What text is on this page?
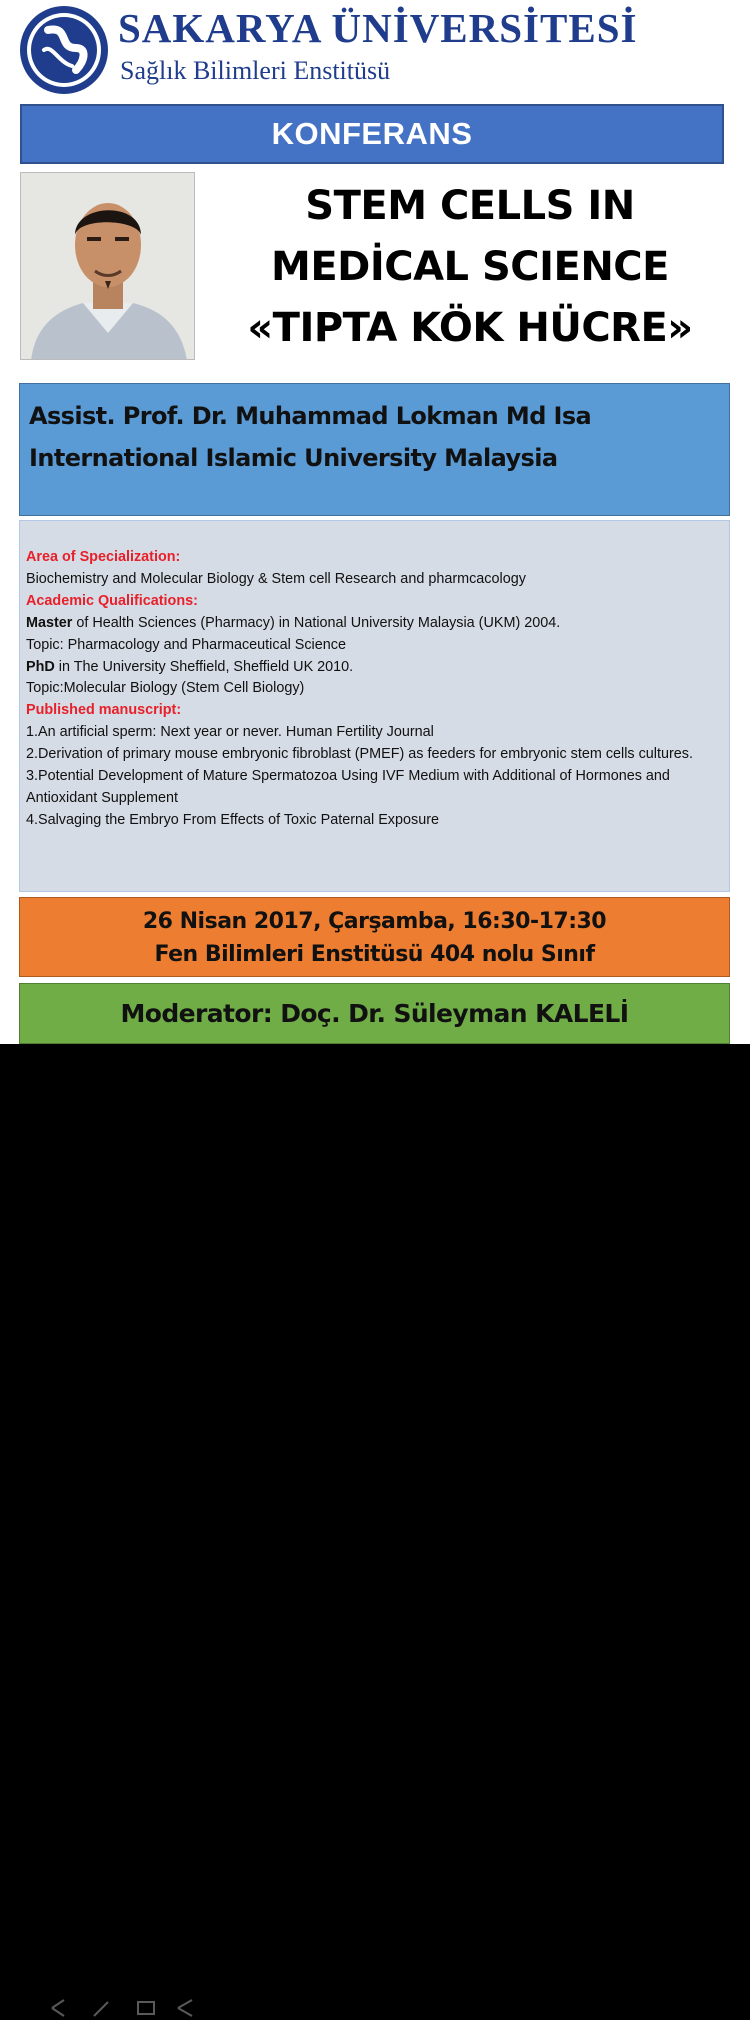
SAKARYA ÜNİVERSİTESİ
Sağlık Bilimleri Enstitüsü
KONFERANS
STEM CELLS IN
MEDİCAL SCIENCE
«TIPTA KÖK HÜCRE»
Assist. Prof. Dr. Muhammad Lokman Md Isa
International Islamic University Malaysia
Area of Specialization:
Biochemistry and Molecular Biology & Stem cell Research and pharmcacology
Academic Qualifications:
Master of Health Sciences (Pharmacy) in National University Malaysia (UKM) 2004.
Topic: Pharmacology and Pharmaceutical Science
PhD in The University Sheffield, Sheffield UK 2010.
Topic:Molecular Biology (Stem Cell Biology)
Published manuscript:
1.An artificial sperm: Next year or never. Human Fertility Journal
2.Derivation of primary mouse embryonic fibroblast (PMEF) as feeders for embryonic stem cells cultures.
3.Potential Development of Mature Spermatozoa Using IVF Medium with Additional of Hormones and Antioxidant Supplement
4.Salvaging the Embryo From Effects of Toxic Paternal Exposure
26 Nisan 2017, Çarşamba, 16:30-17:30
Fen Bilimleri Enstitüsü 404 nolu Sınıf
Moderator: Doç. Dr. Süleyman KALELİ
